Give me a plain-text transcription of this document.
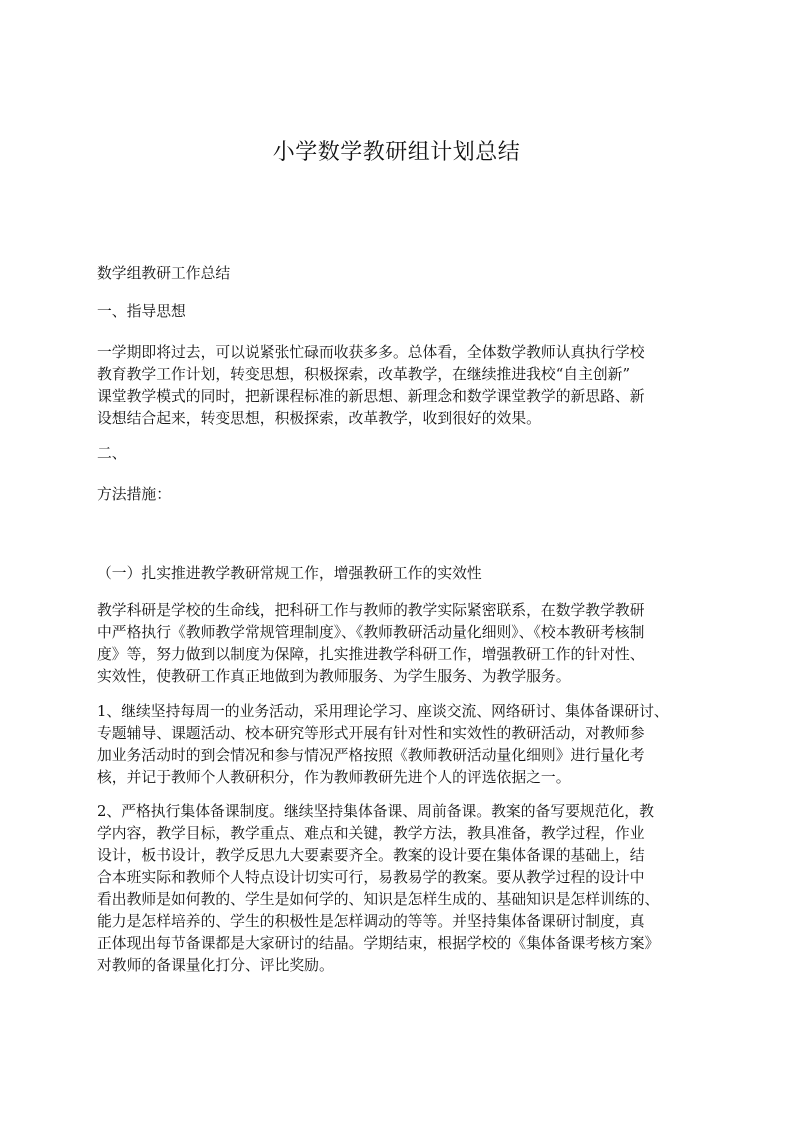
小学数学教研组计划总结
数学组教研工作总结
一、指导思想
一学期即将过去，可以说紧张忙碌而收获多多。总体看，全体数学教师认真执行学校
教育教学工作计划，转变思想，积极探索，改革教学，在继续推进我校“自主创新”
课堂教学模式的同时，把新课程标准的新思想、新理念和数学课堂教学的新思路、新
设想结合起来，转变思想，积极探索，改革教学，收到很好的效果。
二、
方法措施：
（一）扎实推进教学教研常规工作，增强教研工作的实效性
教学科研是学校的生命线，把科研工作与教师的教学实际紧密联系，在数学教学教研
中严格执行《教师教学常规管理制度》、《教师教研活动量化细则》、《校本教研考核制
度》等，努力做到以制度为保障，扎实推进教学科研工作，增强教研工作的针对性、
实效性，使教研工作真正地做到为教师服务、为学生服务、为教学服务。
1、继续坚持每周一的业务活动，采用理论学习、座谈交流、网络研讨、集体备课研讨、
专题辅导、课题活动、校本研究等形式开展有针对性和实效性的教研活动，对教师参
加业务活动时的到会情况和参与情况严格按照《教师教研活动量化细则》进行量化考
核，并记于教师个人教研积分，作为教师教研先进个人的评选依据之一。
2、严格执行集体备课制度。继续坚持集体备课、周前备课。教案的备写要规范化，教
学内容，教学目标，教学重点、难点和关键，教学方法，教具准备，教学过程，作业
设计，板书设计，教学反思九大要素要齐全。教案的设计要在集体备课的基础上，结
合本班实际和教师个人特点设计切实可行，易教易学的教案。要从教学过程的设计中
看出教师是如何教的、学生是如何学的、知识是怎样生成的、基础知识是怎样训练的、
能力是怎样培养的、学生的积极性是怎样调动的等等。并坚持集体备课研讨制度，真
正体现出每节备课都是大家研讨的结晶。学期结束，根据学校的《集体备课考核方案》
对教师的备课量化打分、评比奖励。
